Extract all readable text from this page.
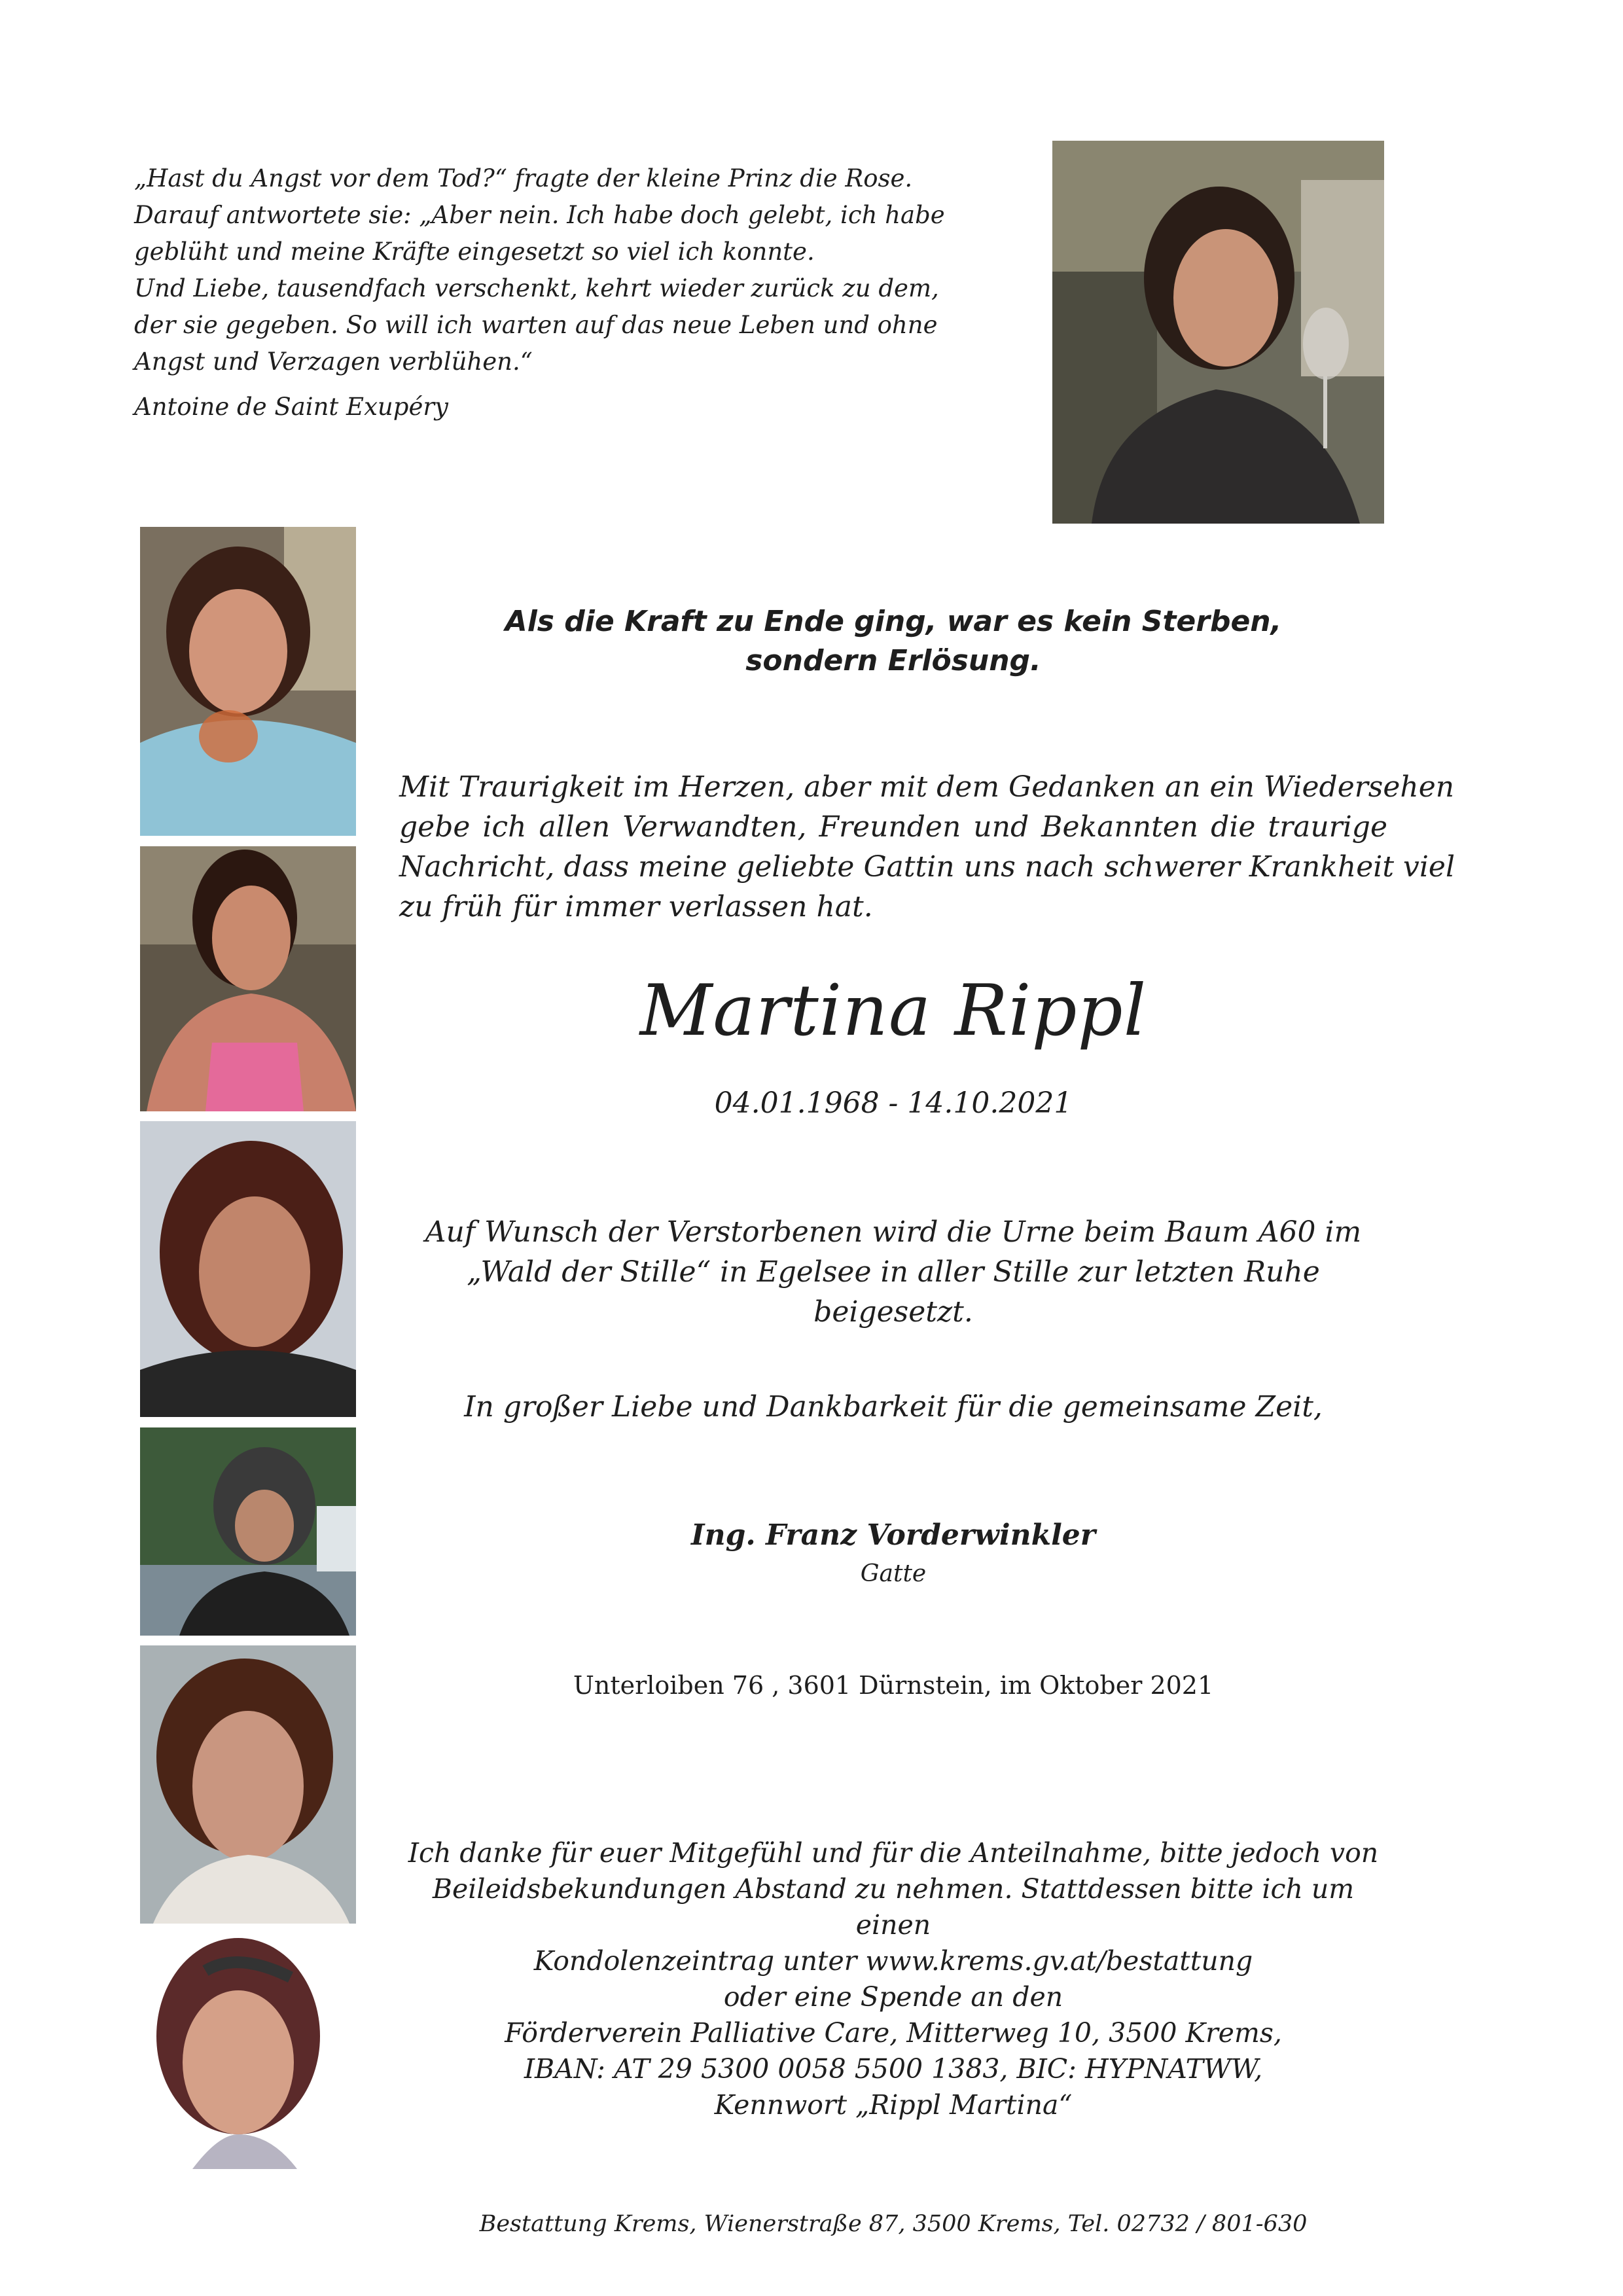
„Hast du Angst vor dem Tod?“ fragte der kleine Prinz die Rose.

Darauf antwortete sie: „Aber nein. Ich habe doch gelebt, ich habe

geblüht und meine Kräfte eingesetzt so viel ich konnte.

Und Liebe, tausendfach verschenkt, kehrt wieder zurück zu dem,

der sie gegeben. So will ich warten auf das neue Leben und ohne

Angst und Verzagen verblühen.“

Antoine de Saint Exupéry
Als die Kraft zu Ende ging, war es kein Sterben,
sondern Erlösung.
Mit Traurigkeit im Herzen, aber mit dem Gedanken an ein Wiedersehen
gebe ich allen Verwandten, Freunden und Bekannten die traurige
Nachricht, dass meine geliebte Gattin uns nach schwerer Krankheit viel
zu früh für immer verlassen hat.
Martina Rippl
04.01.1968 - 14.10.2021
Auf Wunsch der Verstorbenen wird die Urne beim Baum A60 im
„Wald der Stille“ in Egelsee in aller Stille zur letzten Ruhe beigesetzt.
In großer Liebe und Dankbarkeit für die gemeinsame Zeit,
Ing. Franz Vorderwinkler
Gatte
Unterloiben 76 , 3601 Dürnstein, im Oktober 2021
Ich danke für euer Mitgefühl und für die Anteilnahme, bitte jedoch von
Beileidsbekundungen Abstand zu nehmen. Stattdessen bitte ich um einen
Kondolenzeintrag unter www.krems.gv.at/bestattung
oder eine Spende an den
Förderverein Palliative Care, Mitterweg 10, 3500 Krems,
IBAN: AT 29 5300 0058 5500 1383, BIC: HYPNATWW,
Kennwort „Rippl Martina“
Bestattung Krems, Wienerstraße 87, 3500 Krems, Tel. 02732 / 801-630
